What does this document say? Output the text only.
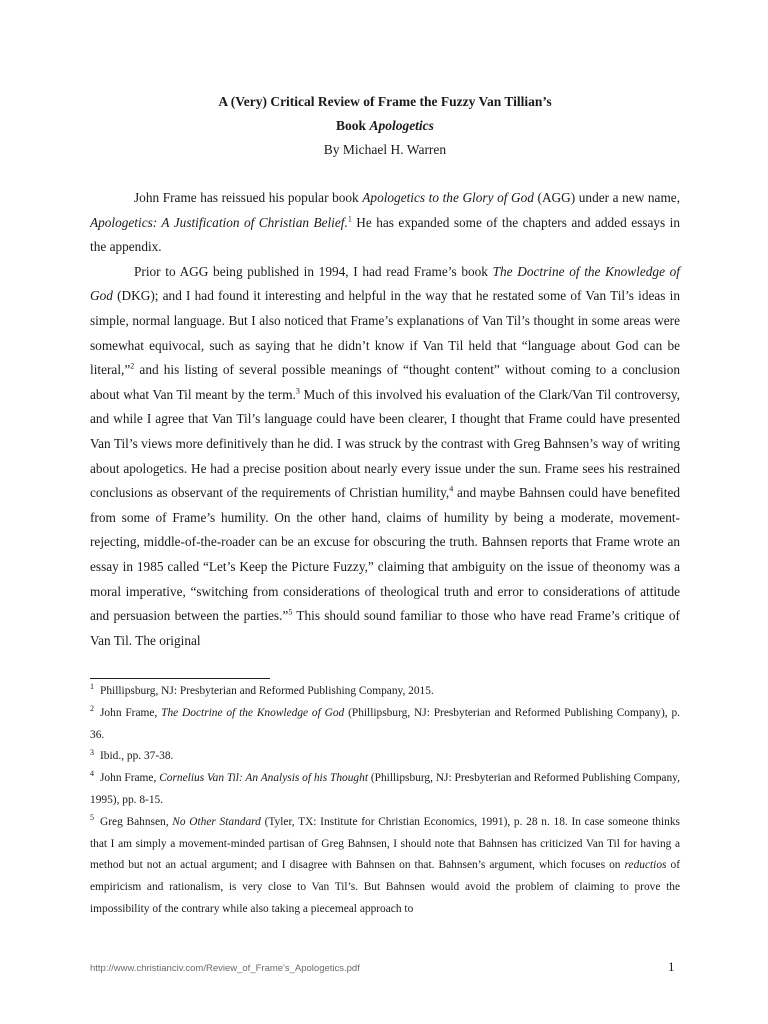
A (Very) Critical Review of Frame the Fuzzy Van Tillian’s
Book Apologetics
By Michael H. Warren

John Frame has reissued his popular book Apologetics to the Glory of God (AGG) under a new name, Apologetics: A Justification of Christian Belief.$^1$ He has expanded some of the chapters and added essays in the appendix.

Prior to AGG being published in 1994, I had read Frame’s book The Doctrine of the Knowledge of God (DKG); and I had found it interesting and helpful in the way that he restated some of Van Til’s ideas in simple, normal language. But I also noticed that Frame’s explanations of Van Til’s thought in some areas were somewhat equivocal, such as saying that he didn’t know if Van Til held that “language about God can be literal,”$^2$ and his listing of several possible meanings of “thought content” without coming to a conclusion about what Van Til meant by the term.$^3$ Much of this involved his evaluation of the Clark/Van Til controversy, and while I agree that Van Til’s language could have been clearer, I thought that Frame could have presented Van Til’s views more definitively than he did. I was struck by the contrast with Greg Bahnsen’s way of writing about apologetics. He had a precise position about nearly every issue under the sun. Frame sees his restrained conclusions as observant of the requirements of Christian humility,$^4$ and maybe Bahnsen could have benefited from some of Frame’s humility. On the other hand, claims of humility by being a moderate, movement-rejecting, middle-of-the-roader can be an excuse for obscuring the truth. Bahnsen reports that Frame wrote an essay in 1985 called “Let’s Keep the Picture Fuzzy,” claiming that ambiguity on the issue of theonomy was a moral imperative, “switching from considerations of theological truth and error to considerations of attitude and persuasion between the parties.”$^5$ This should sound familiar to those who have read Frame’s critique of Van Til. The original

$^1$ Phillipsburg, NJ: Presbyterian and Reformed Publishing Company, 2015.
$^2$ John Frame, The Doctrine of the Knowledge of God (Phillipsburg, NJ: Presbyterian and Reformed Publishing Company), p. 36.
$^3$ Ibid., pp. 37-38.
$^4$ John Frame, Cornelius Van Til: An Analysis of his Thought (Phillipsburg, NJ: Presbyterian and Reformed Publishing Company, 1995), pp. 8-15.
$^5$ Greg Bahnsen, No Other Standard (Tyler, TX: Institute for Christian Economics, 1991), p. 28 n. 18. In case someone thinks that I am simply a movement-minded partisan of Greg Bahnsen, I should note that Bahnsen has criticized Van Til for having a method but not an actual argument; and I disagree with Bahnsen on that. Bahnsen’s argument, which focuses on reductios of empiricism and rationalism, is very close to Van Til’s. But Bahnsen would avoid the problem of claiming to prove the impossibility of the contrary while also taking a piecemeal approach to
http://www.christianciv.com/Review_of_Frame's_Apologetics.pdf	1
